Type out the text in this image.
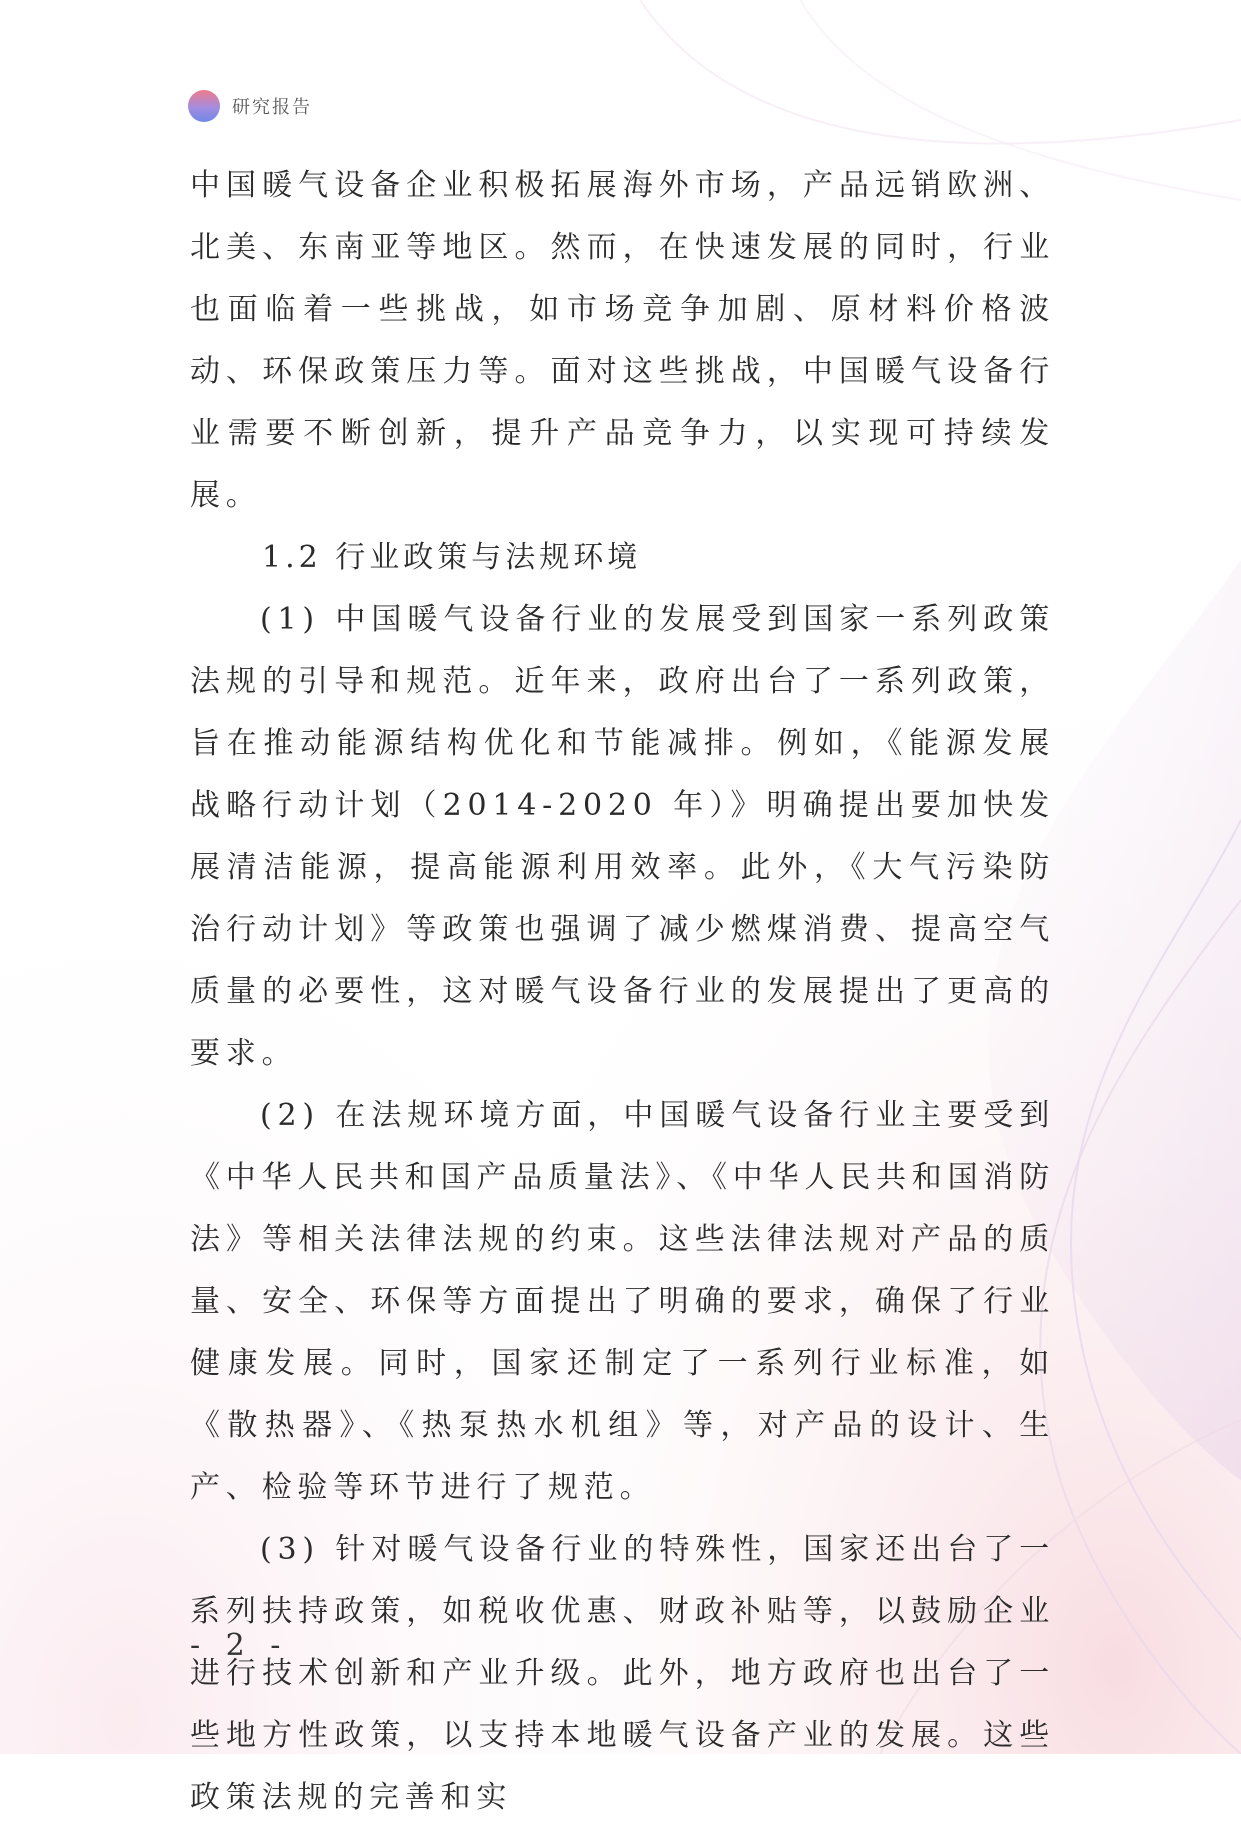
研究报告

中国暖气设备企业积极拓展海外市场，产品远销欧洲、北美、东南亚等地区。然而，在快速发展的同时，行业也面临着一些挑战，如市场竞争加剧、原材料价格波动、环保政策压力等。面对这些挑战，中国暖气设备行业需要不断创新，提升产品竞争力，以实现可持续发展。

1.2 行业政策与法规环境

(1) 中国暖气设备行业的发展受到国家一系列政策法规的引导和规范。近年来，政府出台了一系列政策，旨在推动能源结构优化和节能减排。例如，《能源发展战略行动计划（2014-2020 年）》明确提出要加快发展清洁能源，提高能源利用效率。此外，《大气污染防治行动计划》等政策也强调了减少燃煤消费、提高空气质量的必要性，这对暖气设备行业的发展提出了更高的要求。

(2) 在法规环境方面，中国暖气设备行业主要受到《中华人民共和国产品质量法》、《中华人民共和国消防法》等相关法律法规的约束。这些法律法规对产品的质量、安全、环保等方面提出了明确的要求，确保了行业健康发展。同时，国家还制定了一系列行业标准，如《散热器》、《热泵热水机组》等，对产品的设计、生产、检验等环节进行了规范。

(3) 针对暖气设备行业的特殊性，国家还出台了一系列扶持政策，如税收优惠、财政补贴等，以鼓励企业进行技术创新和产业升级。此外，地方政府也出台了一些地方性政策，以支持本地暖气设备产业的发展。这些政策法规的完善和实

- 2 -
